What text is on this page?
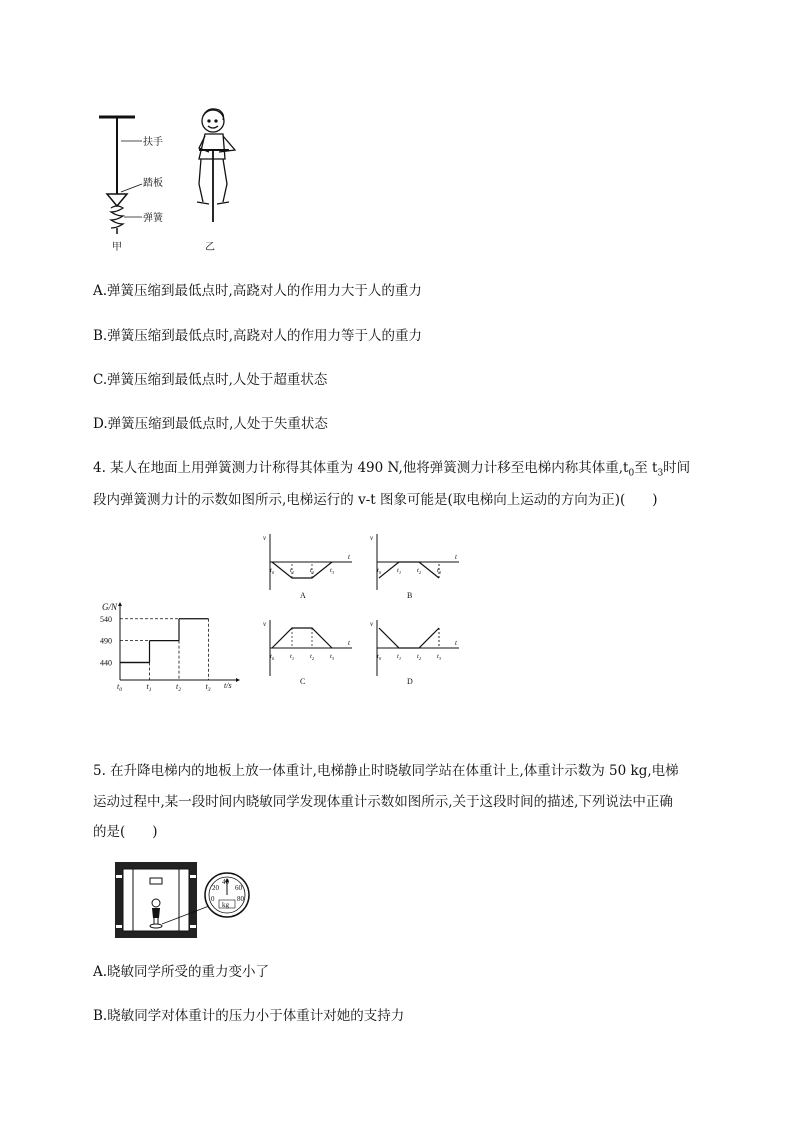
扶手
踏板
弹簧
甲	乙
A.弹簧压缩到最低点时,高跷对人的作用力大于人的重力
B.弹簧压缩到最低点时,高跷对人的作用力等于人的重力
C.弹簧压缩到最低点时,人处于超重状态
D.弹簧压缩到最低点时,人处于失重状态
4. 某人在地面上用弹簧测力计称得其体重为 490 N,他将弹簧测力计移至电梯内称其体重$,t_0$至 $t_3$时间
段内弹簧测力计的示数如图所示,电梯运行的 v-t 图象可能是(取电梯向上运动的方向为正)(　　)
540
490
440
$t_0$	$t_1$	$t_2$	$t_3$
G/N
t/s
v
t
$t_0$ $t_1$ $t_2$ $t_3$
A
v
t
$t_0$ $t_1$ $t_2$ $t_3$
B
v
t
$t_0$ $t_1$ $t_2$ $t_3$
C
v
t
$t_0$ $t_1$ $t_2$ $t_3$
D
5. 在升降电梯内的地板上放一体重计,电梯静止时晓敏同学站在体重计上,体重计示数为 50 kg,电梯
运动过程中,某一段时间内晓敏同学发现体重计示数如图所示,关于这段时间的描述,下列说法中正确
的是(　　)
20
40
60
0	80
kg
A.晓敏同学所受的重力变小了
B.晓敏同学对体重计的压力小于体重计对她的支持力
